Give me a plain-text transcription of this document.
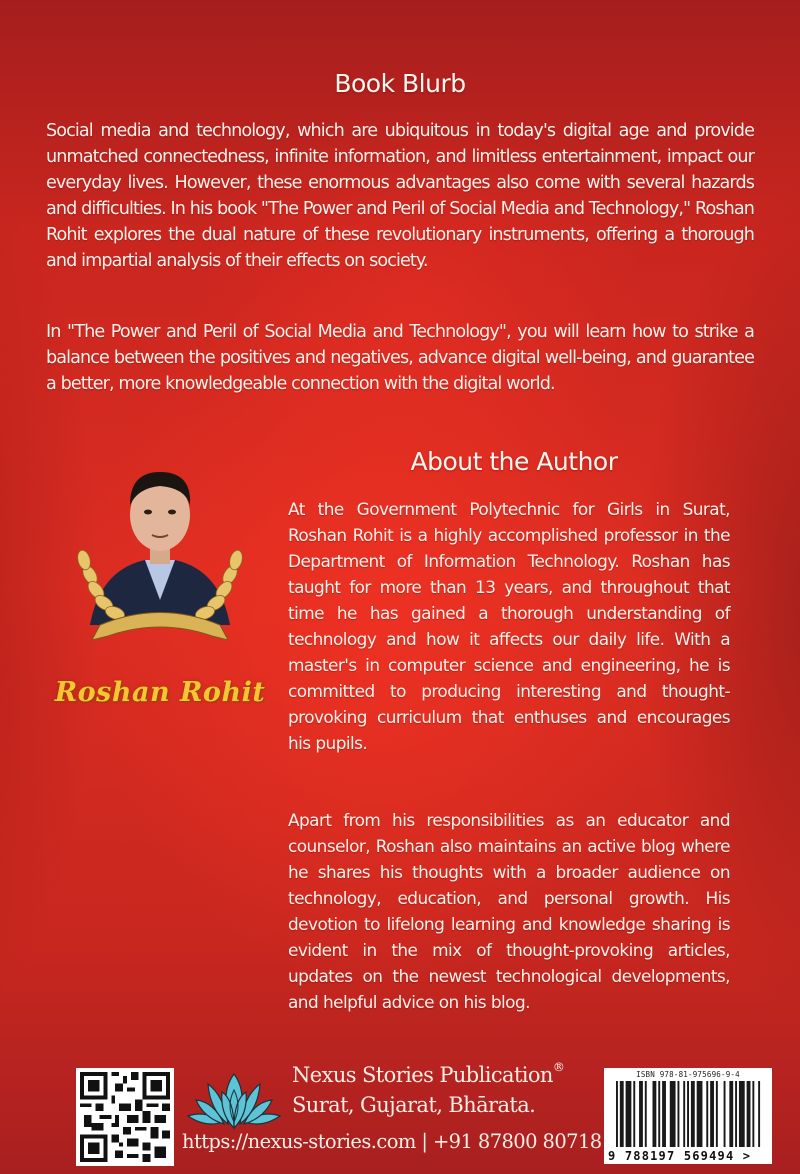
Book Blurb
Social media and technology, which are ubiquitous in today's digital age and provide unmatched connectedness, infinite information, and limitless entertainment, impact our everyday lives. However, these enormous advantages also come with several hazards and difficulties. In his book "The Power and Peril of Social Media and Technology," Roshan Rohit explores the dual nature of these revolutionary instruments, offering a thorough and impartial analysis of their effects on society.
In "The Power and Peril of Social Media and Technology", you will learn how to strike a balance between the positives and negatives, advance digital well-being, and guarantee a better, more knowledgeable connection with the digital world.
Roshan Rohit
About the Author
At the Government Polytechnic for Girls in Surat, Roshan Rohit is a highly accomplished professor in the Department of Information Technology. Roshan has taught for more than 13 years, and throughout that time he has gained a thorough understanding of technology and how it affects our daily life. With a master's in computer science and engineering, he is committed to producing interesting and thought-provoking curriculum that enthuses and encourages his pupils.
Apart from his responsibilities as an educator and counselor, Roshan also maintains an active blog where he shares his thoughts with a broader audience on technology, education, and personal growth. His devotion to lifelong learning and knowledge sharing is evident in the mix of thought-provoking articles, updates on the newest technological developments, and helpful advice on his blog.
Nexus Stories Publication®
Surat, Gujarat, Bhārata.
https://nexus-stories.com | +91 87800 80718
ISBN 978-81-975696-9-4
9 788197 569494 >
